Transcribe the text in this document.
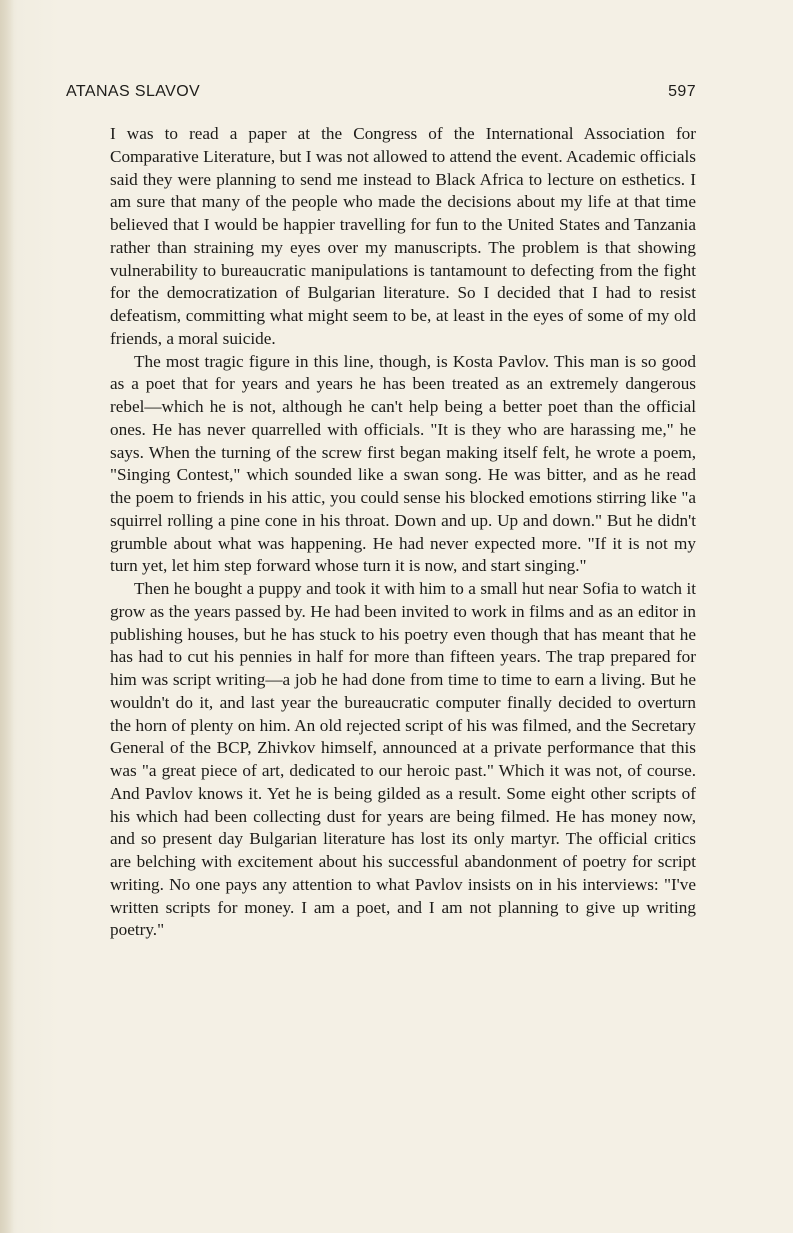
ATANAS SLAVOV	597

I was to read a paper at the Congress of the International Association for Comparative Literature, but I was not allowed to attend the event. Academic officials said they were planning to send me instead to Black Africa to lecture on esthetics. I am sure that many of the people who made the decisions about my life at that time believed that I would be happier travelling for fun to the United States and Tanzania rather than straining my eyes over my manuscripts. The problem is that showing vulnerability to bureaucratic manipulations is tantamount to defecting from the fight for the democratization of Bulgarian literature. So I decided that I had to resist defeatism, committing what might seem to be, at least in the eyes of some of my old friends, a moral suicide.

The most tragic figure in this line, though, is Kosta Pavlov. This man is so good as a poet that for years and years he has been treated as an extremely dangerous rebel—which he is not, although he can't help being a better poet than the official ones. He has never quarrelled with officials. "It is they who are harassing me," he says. When the turning of the screw first began making itself felt, he wrote a poem, "Singing Contest," which sounded like a swan song. He was bitter, and as he read the poem to friends in his attic, you could sense his blocked emotions stirring like "a squirrel rolling a pine cone in his throat. Down and up. Up and down." But he didn't grumble about what was happening. He had never expected more. "If it is not my turn yet, let him step forward whose turn it is now, and start singing."

Then he bought a puppy and took it with him to a small hut near Sofia to watch it grow as the years passed by. He had been invited to work in films and as an editor in publishing houses, but he has stuck to his poetry even though that has meant that he has had to cut his pennies in half for more than fifteen years. The trap prepared for him was script writing—a job he had done from time to time to earn a living. But he wouldn't do it, and last year the bureaucratic computer finally decided to overturn the horn of plenty on him. An old rejected script of his was filmed, and the Secretary General of the BCP, Zhivkov himself, announced at a private performance that this was "a great piece of art, dedicated to our heroic past." Which it was not, of course. And Pavlov knows it. Yet he is being gilded as a result. Some eight other scripts of his which had been collecting dust for years are being filmed. He has money now, and so present day Bulgarian literature has lost its only martyr. The official critics are belching with excitement about his successful abandonment of poetry for script writing. No one pays any attention to what Pavlov insists on in his interviews: "I've written scripts for money. I am a poet, and I am not planning to give up writing poetry."
